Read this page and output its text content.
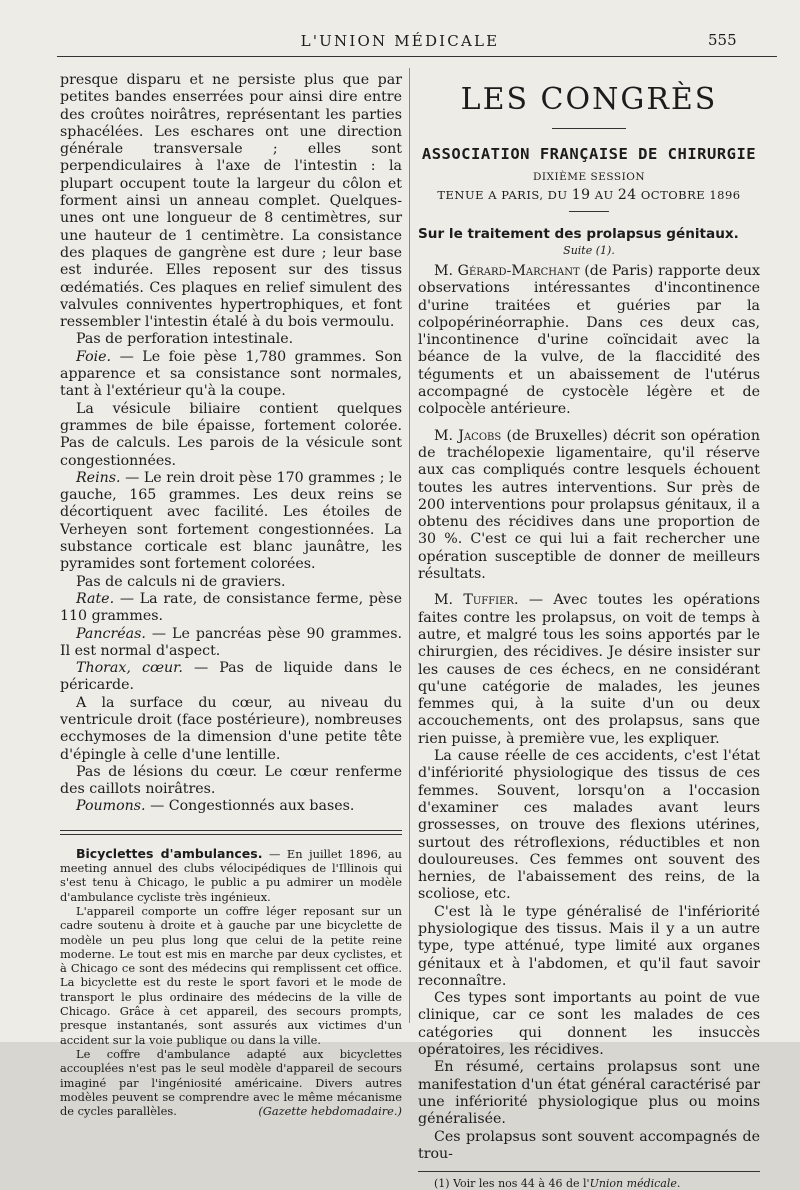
L'UNION MÉDICALE	555

presque disparu et ne persiste plus que par petites bandes enserrées pour ainsi dire entre des croûtes noirâtres, représentant les parties sphacélées. Les eschares ont une direction générale transversale ; elles sont perpendiculaires à l'axe de l'intestin : la plupart occupent toute la largeur du côlon et forment ainsi un anneau complet. Quelques-unes ont une longueur de 8 centimètres, sur une hauteur de 1 centimètre. La consistance des plaques de gangrène est dure ; leur base est indurée. Elles reposent sur des tissus œdématiés. Ces plaques en relief simulent des valvules conniventes hypertrophiques, et font ressembler l'intestin étalé à du bois vermoulu.

Pas de perforation intestinale.

Foie. — Le foie pèse 1,780 grammes. Son apparence et sa consistance sont normales, tant à l'extérieur qu'à la coupe.

La vésicule biliaire contient quelques grammes de bile épaisse, fortement colorée. Pas de calculs. Les parois de la vésicule sont congestionnées.

Reins. — Le rein droit pèse 170 grammes ; le gauche, 165 grammes. Les deux reins se décortiquent avec facilité. Les étoiles de Verheyen sont fortement congestionnées. La substance corticale est blanc jaunâtre, les pyramides sont fortement colorées.

Pas de calculs ni de graviers.

Rate. — La rate, de consistance ferme, pèse 110 grammes.

Pancréas. — Le pancréas pèse 90 grammes. Il est normal d'aspect.

Thorax, cœur. — Pas de liquide dans le péricarde.

A la surface du cœur, au niveau du ventricule droit (face postérieure), nombreuses ecchymoses de la dimension d'une petite tête d'épingle à celle d'une lentille.

Pas de lésions du cœur. Le cœur renferme des caillots noirâtres.

Poumons. — Congestionnés aux bases.

Bicyclettes d'ambulances. — En juillet 1896, au meeting annuel des clubs vélocipédiques de l'Illinois qui s'est tenu à Chicago, le public a pu admirer un modèle d'ambulance cycliste très ingénieux.

L'appareil comporte un coffre léger reposant sur un cadre soutenu à droite et à gauche par une bicyclette de modèle un peu plus long que celui de la petite reine moderne. Le tout est mis en marche par deux cyclistes, et à Chicago ce sont des médecins qui remplissent cet office. La bicyclette est du reste le sport favori et le mode de transport le plus ordinaire des médecins de la ville de Chicago. Grâce à cet appareil, des secours prompts, presque instantanés, sont assurés aux victimes d'un accident sur la voie publique ou dans la ville.

Le coffre d'ambulance adapté aux bicyclettes accouplées n'est pas le seul modèle d'appareil de secours imaginé par l'ingéniosité américaine. Divers autres modèles peuvent se comprendre avec le même mécanisme de cycles parallèles.	(Gazette hebdomadaire.)
LES CONGRÈS
ASSOCIATION FRANÇAISE DE CHIRURGIE
DIXIÈME SESSION
TENUE A PARIS, DU 19 AU 24 OCTOBRE 1896
Sur le traitement des prolapsus génitaux.
Suite (1).

M. Gérard-Marchant (de Paris) rapporte deux observations intéressantes d'incontinence d'urine traitées et guéries par la colpopérinéorraphie. Dans ces deux cas, l'incontinence d'urine coïncidait avec la béance de la vulve, de la flaccidité des téguments et un abaissement de l'utérus accompagné de cystocèle légère et de colpocèle antérieure.

M. Jacobs (de Bruxelles) décrit son opération de trachélopexie ligamentaire, qu'il réserve aux cas compliqués contre lesquels échouent toutes les autres interventions. Sur près de 200 interventions pour prolapsus génitaux, il a obtenu des récidives dans une proportion de 30 %. C'est ce qui lui a fait rechercher une opération susceptible de donner de meilleurs résultats.

M. Tuffier. — Avec toutes les opérations faites contre les prolapsus, on voit de temps à autre, et malgré tous les soins apportés par le chirurgien, des récidives. Je désire insister sur les causes de ces échecs, en ne considérant qu'une catégorie de malades, les jeunes femmes qui, à la suite d'un ou deux accouchements, ont des prolapsus, sans que rien puisse, à première vue, les expliquer.

La cause réelle de ces accidents, c'est l'état d'infériorité physiologique des tissus de ces femmes. Souvent, lorsqu'on a l'occasion d'examiner ces malades avant leurs grossesses, on trouve des flexions utérines, surtout des rétroflexions, réductibles et non douloureuses. Ces femmes ont souvent des hernies, de l'abaissement des reins, de la scoliose, etc.

C'est là le type généralisé de l'infériorité physiologique des tissus. Mais il y a un autre type, type atténué, type limité aux organes génitaux et à l'abdomen, et qu'il faut savoir reconnaître.

Ces types sont importants au point de vue clinique, car ce sont les malades de ces catégories qui donnent les insuccès opératoires, les récidives.

En résumé, certains prolapsus sont une manifestation d'un état général caractérisé par une infériorité physiologique plus ou moins généralisée.

Ces prolapsus sont souvent accompagnés de trou-

(1) Voir les nos 44 à 46 de l'Union médicale.
